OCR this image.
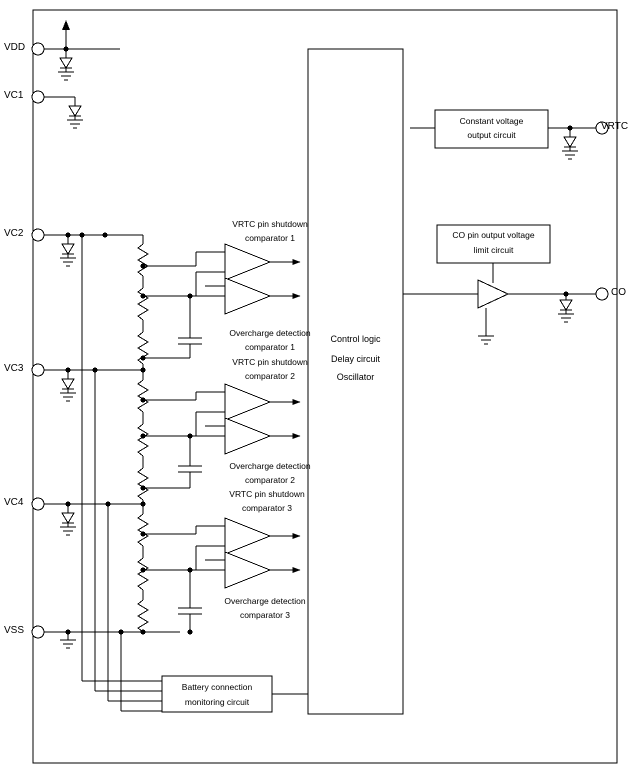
VDD
VC1
VC2
VC3
VC4
VSS
VRTC
CO
Control logic
Delay circuit
Oscillator
Constant voltage
output circuit
CO pin output voltage
limit circuit
Battery connection
monitoring circuit
VRTC pin shutdown
comparator 1
Overcharge detection
comparator 1
VRTC pin shutdown
comparator 2
Overcharge detection
comparator 2
VRTC pin shutdown
comparator 3
Overcharge detection
comparator 3
